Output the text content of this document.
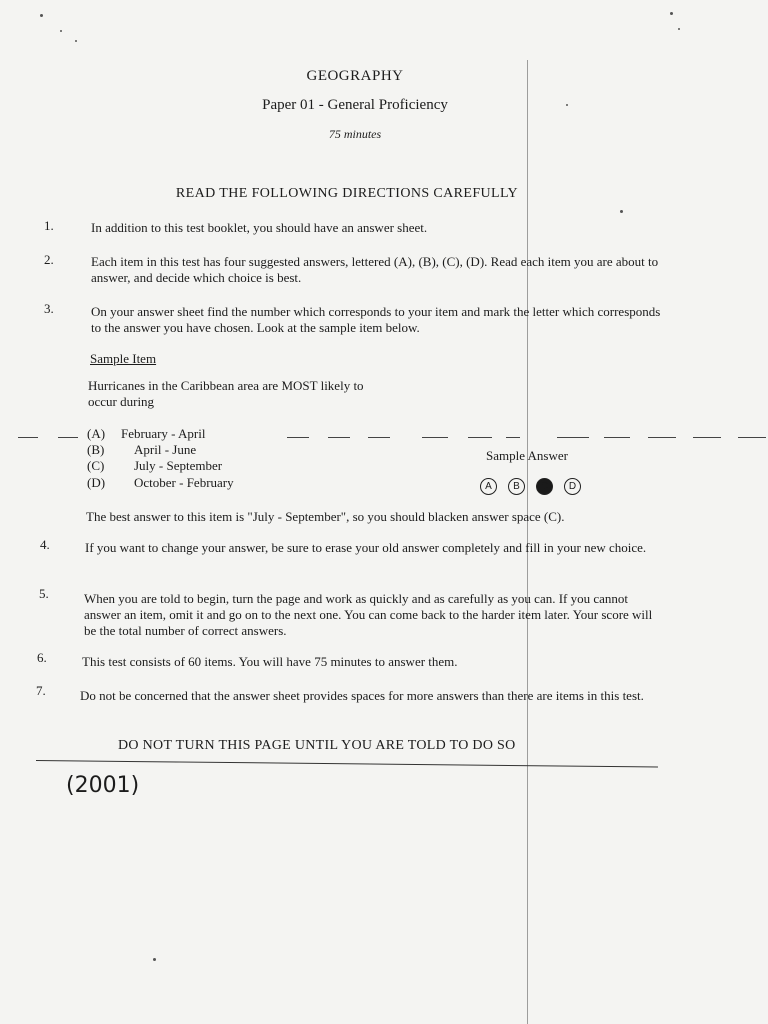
GEOGRAPHY
Paper 01 - General Proficiency
75 minutes
READ THE FOLLOWING DIRECTIONS CAREFULLY
1.	In addition to this test booklet, you should have an answer sheet.
2.	Each item in this test has four suggested answers, lettered (A), (B), (C), (D). Read each item you are about to answer, and decide which choice is best.
3.	On your answer sheet find the number which corresponds to your item and mark the letter which corresponds to the answer you have chosen. Look at the sample item below.
Sample Item
Hurricanes in the Caribbean area are MOST likely to occur during
(A) February - April
(B) April - June
(C) July - September
(D) October - February
Sample Answer
A	B	C	D
The best answer to this item is "July - September", so you should blacken answer space (C).
4.	If you want to change your answer, be sure to erase your old answer completely and fill in your new choice.
5.	When you are told to begin, turn the page and work as quickly and as carefully as you can. If you cannot answer an item, omit it and go on to the next one. You can come back to the harder item later. Your score will be the total number of correct answers.
6.	This test consists of 60 items. You will have 75 minutes to answer them.
7.	Do not be concerned that the answer sheet provides spaces for more answers than there are items in this test.
DO NOT TURN THIS PAGE UNTIL YOU ARE TOLD TO DO SO
(2001)
